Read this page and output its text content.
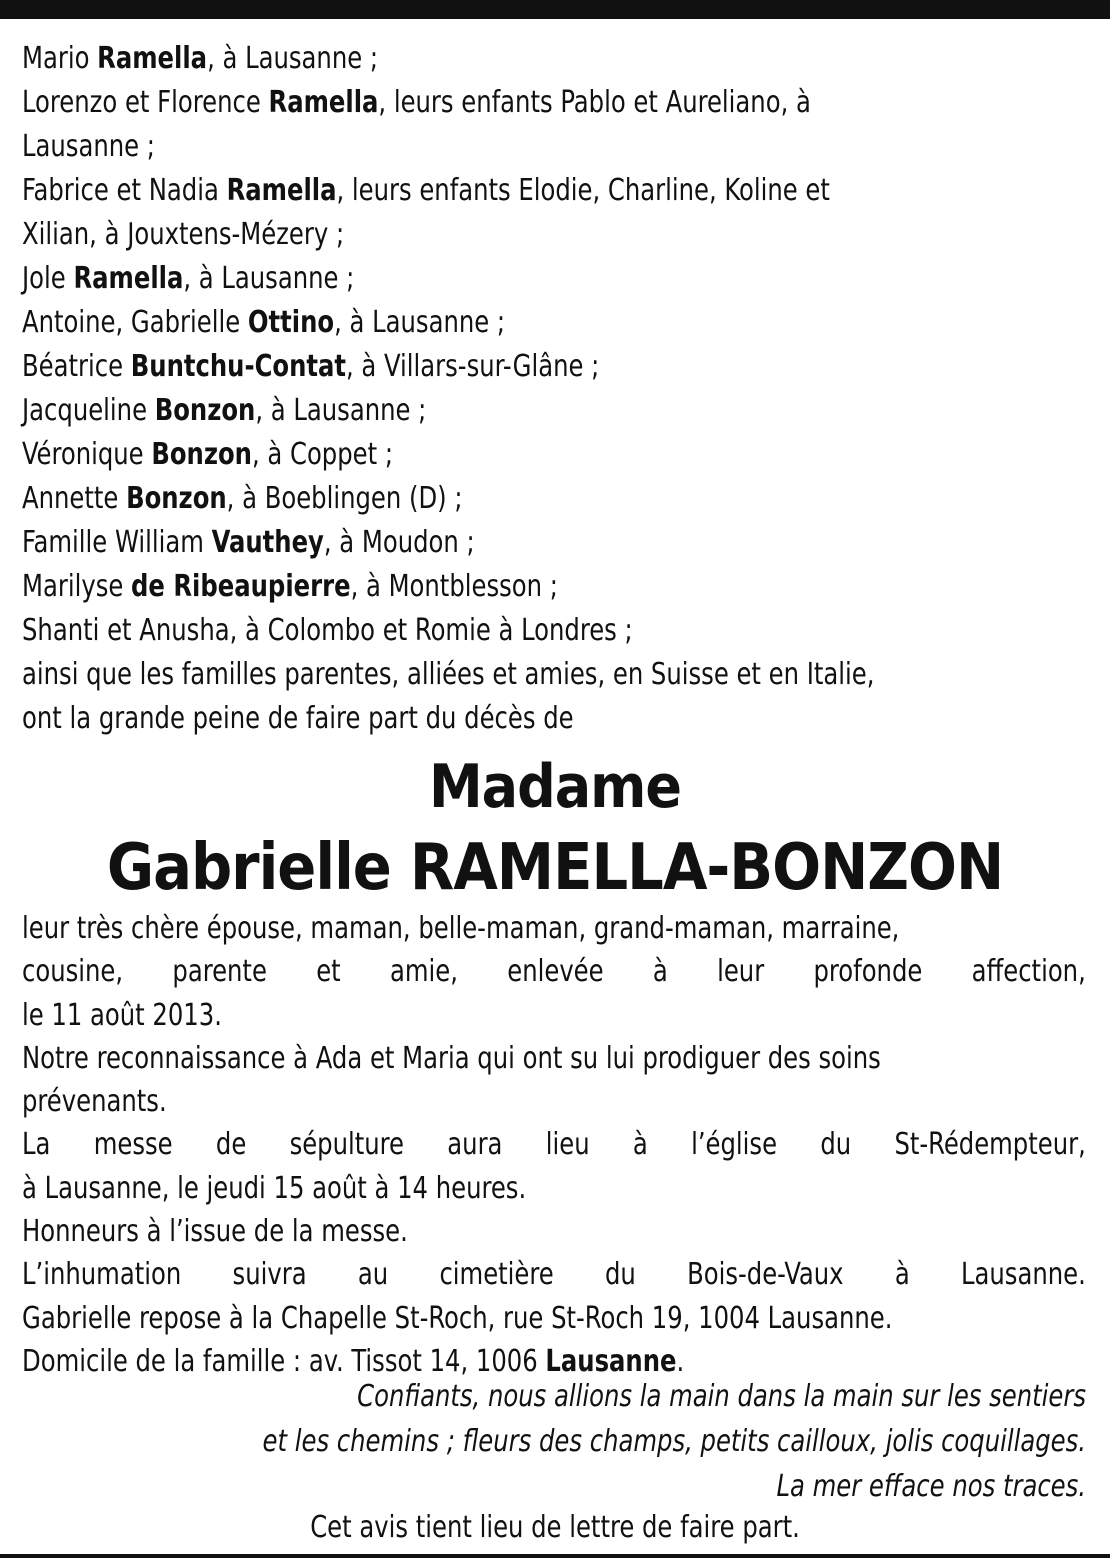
Mario Ramella, à Lausanne ;
Lorenzo et Florence Ramella, leurs enfants Pablo et Aureliano, à
Lausanne ;
Fabrice et Nadia Ramella, leurs enfants Elodie, Charline, Koline et
Xilian, à Jouxtens-Mézery ;
Jole Ramella, à Lausanne ;
Antoine, Gabrielle Ottino, à Lausanne ;
Béatrice Buntchu-Contat, à Villars-sur-Glâne ;
Jacqueline Bonzon, à Lausanne ;
Véronique Bonzon, à Coppet ;
Annette Bonzon, à Boeblingen (D) ;
Famille William Vauthey, à Moudon ;
Marilyse de Ribeaupierre, à Montblesson ;
Shanti et Anusha, à Colombo et Romie à Londres ;
ainsi que les familles parentes, alliées et amies, en Suisse et en Italie,
ont la grande peine de faire part du décès de
Madame
Gabrielle RAMELLA-BONZON
leur très chère épouse, maman, belle-maman, grand-maman, marraine,
cousine, parente et amie, enlevée à leur profonde affection,
le 11 août 2013.
Notre reconnaissance à Ada et Maria qui ont su lui prodiguer des soins
prévenants.
La messe de sépulture aura lieu à l’église du St-Rédempteur,
à Lausanne, le jeudi 15 août à 14 heures.
Honneurs à l’issue de la messe.
L’inhumation suivra au cimetière du Bois-de-Vaux à Lausanne.
Gabrielle repose à la Chapelle St-Roch, rue St-Roch 19, 1004 Lausanne.
Domicile de la famille : av. Tissot 14, 1006 Lausanne.
Confiants, nous allions la main dans la main sur les sentiers
et les chemins ; fleurs des champs, petits cailloux, jolis coquillages.
La mer efface nos traces.
Cet avis tient lieu de lettre de faire part.
